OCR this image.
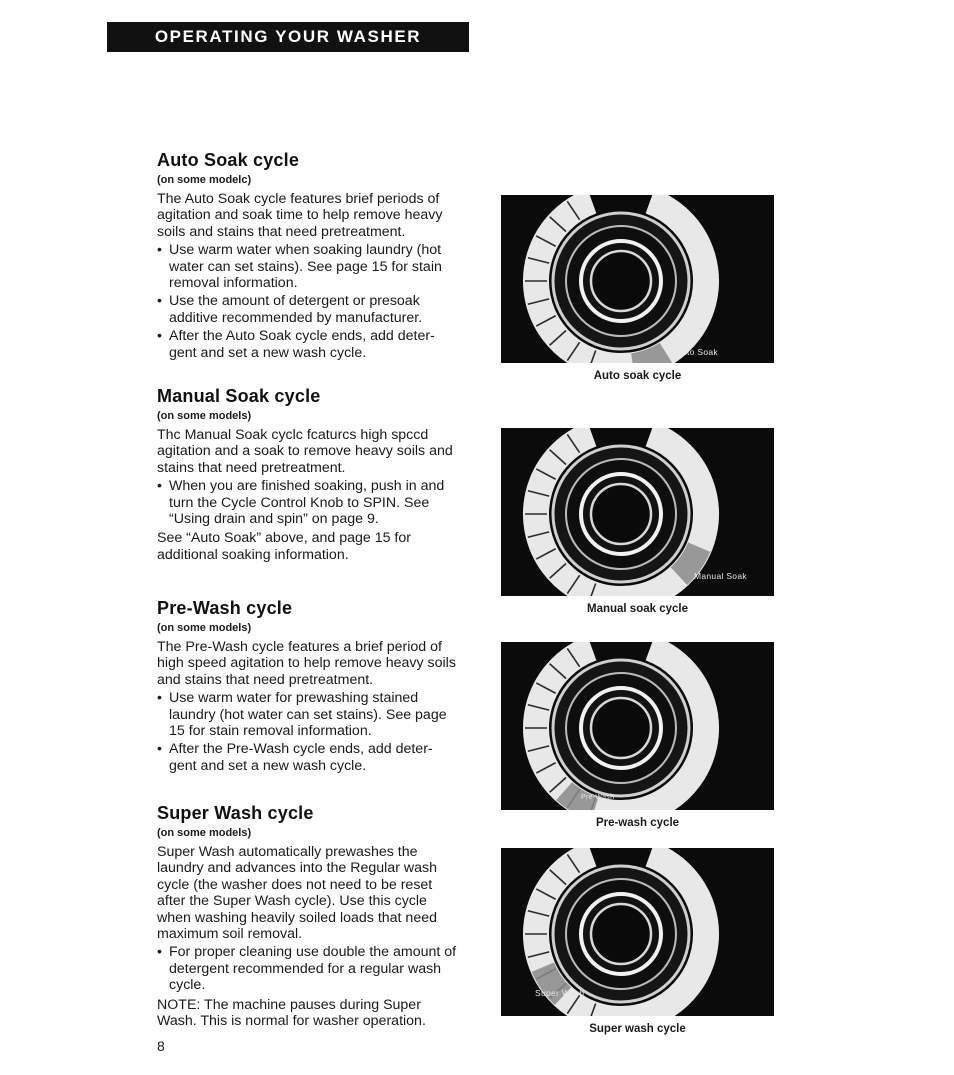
OPERATING YOUR WASHER
Auto Soak cycle
(on some modelc)

The Auto Soak cycle features brief periods of agitation and soak time to help remove heavy soils and stains that need pretreatment.

• Use warm water when soaking laundry (hot water can set stains). See page 15 for stain removal information.
• Use the amount of detergent or presoak additive recommended by manufacturer.
• After the Auto Soak cycle ends, add deter- gent and set a new wash cycle.
Manual Soak cycle
(on some models)

Thc Manual Soak cyclc fcaturcs high spccd agitation and a soak to remove heavy soils and stains that need pretreatment.

• When you are finished soaking, push in and turn the Cycle Control Knob to SPIN. See “Using drain and spin” on page 9.

See “Auto Soak” above, and page 15 for additional soaking information.

Pre-Wash cycle
(on some models)

The Pre-Wash cycle features a brief period of high speed agitation to help remove heavy soils and stains that need pretreatment.

• Use warm water for prewashing stained laundry (hot water can set stains). See page 15 for stain removal information.
• After the Pre-Wash cycle ends, add deter- gent and set a new wash cycle.
Super Wash cycle
(on some models)

Super Wash automatically prewashes the laundry and advances into the Regular wash cycle (the washer does not need to be reset after the Super Wash cycle). Use this cycle when washing heavily soiled loads that need maximum soil removal.

• For proper cleaning use double the amount of detergent recommended for a regular wash cycle.

NOTE: The machine pauses during Super Wash. This is normal for washer operation.

Auto Soak
Auto soak cycle
Manual Soak
Manual soak cycle
Pre-Wash
Pre-wash cycle
Super Wash
Super wash cycle
8
